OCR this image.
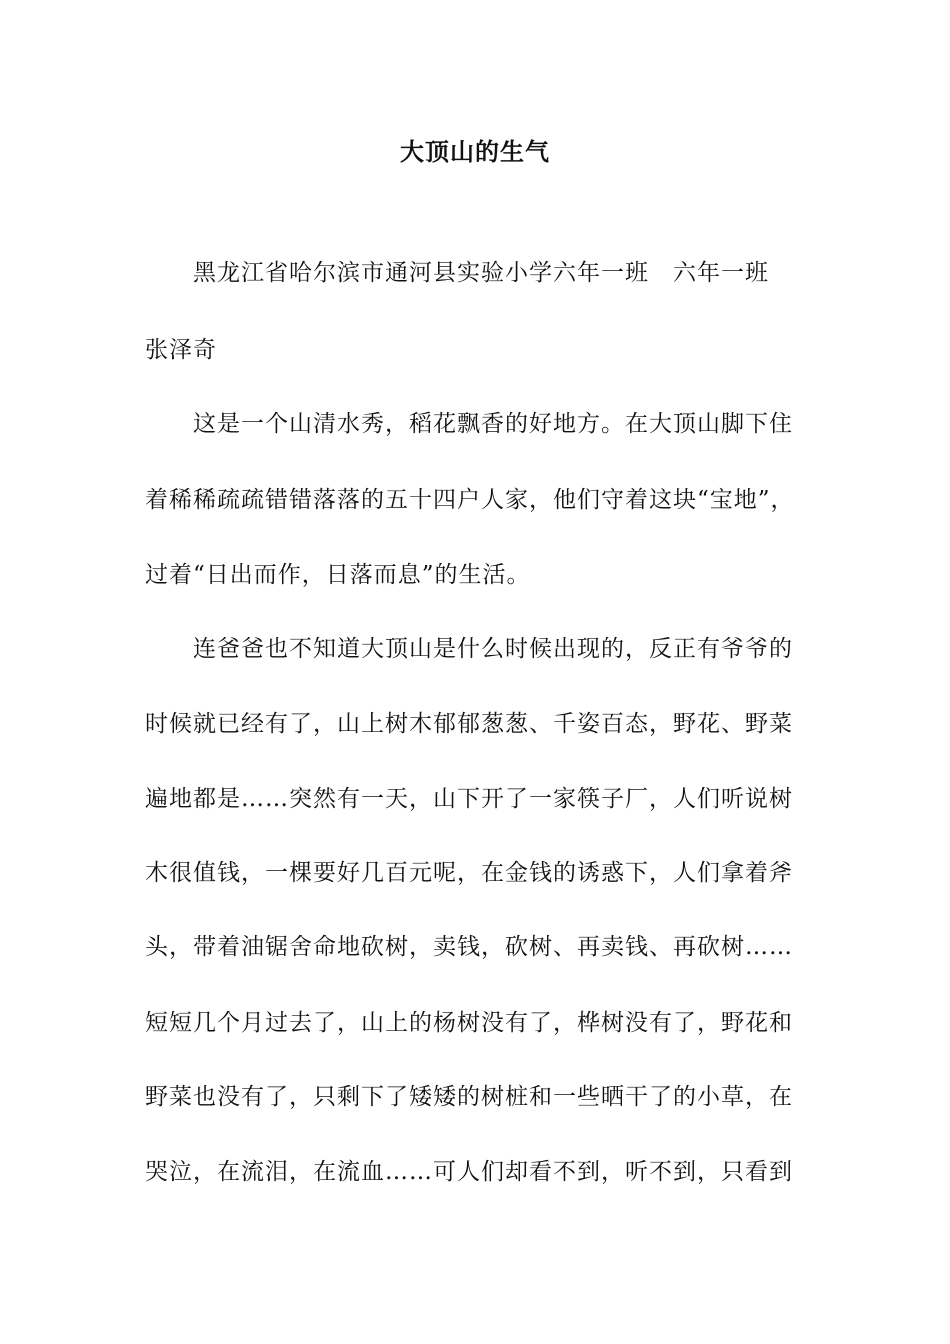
大顶山的生气
黑龙江省哈尔滨市通河县实验小学六年一班　六年一班
张泽奇
这是一个山清水秀，稻花飘香的好地方。在大顶山脚下住
着稀稀疏疏错错落落的五十四户人家，他们守着这块“宝地”，
过着“日出而作，日落而息”的生活。
连爸爸也不知道大顶山是什么时候出现的，反正有爷爷的
时候就已经有了，山上树木郁郁葱葱、千姿百态，野花、野菜
遍地都是……突然有一天，山下开了一家筷子厂，人们听说树
木很值钱，一棵要好几百元呢，在金钱的诱惑下，人们拿着斧
头，带着油锯舍命地砍树，卖钱，砍树、再卖钱、再砍树……
短短几个月过去了，山上的杨树没有了，桦树没有了，野花和
野菜也没有了，只剩下了矮矮的树桩和一些晒干了的小草，在
哭泣，在流泪，在流血……可人们却看不到，听不到，只看到
